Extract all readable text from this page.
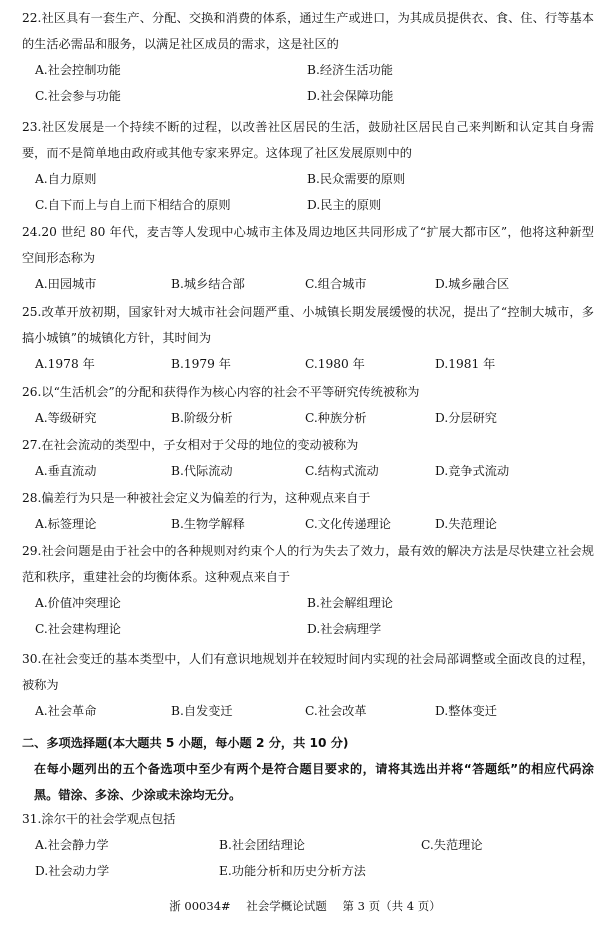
22.社区具有一套生产、分配、交换和消费的体系，通过生产或进口，为其成员提供衣、食、住、行等基本的生活必需品和服务，以满足社区成员的需求，这是社区的
A.社会控制功能	B.经济生活功能
C.社会参与功能	D.社会保障功能
23.社区发展是一个持续不断的过程，以改善社区居民的生活，鼓励社区居民自己来判断和认定其自身需要，而不是简单地由政府或其他专家来界定。这体现了社区发展原则中的
A.自力原则	B.民众需要的原则
C.自下而上与自上而下相结合的原则	D.民主的原则
24.20 世纪 80 年代，麦吉等人发现中心城市主体及周边地区共同形成了“扩展大都市区”，他将这种新型空间形态称为
A.田园城市	B.城乡结合部	C.组合城市	D.城乡融合区
25.改革开放初期，国家针对大城市社会问题严重、小城镇长期发展缓慢的状况，提出了“控制大城市，多搞小城镇”的城镇化方针，其时间为
A.1978 年	B.1979 年	C.1980 年	D.1981 年
26.以“生活机会”的分配和获得作为核心内容的社会不平等研究传统被称为
A.等级研究	B.阶级分析	C.种族分析	D.分层研究
27.在社会流动的类型中，子女相对于父母的地位的变动被称为
A.垂直流动	B.代际流动	C.结构式流动	D.竞争式流动
28.偏差行为只是一种被社会定义为偏差的行为，这种观点来自于
A.标签理论	B.生物学解释	C.文化传递理论	D.失范理论
29.社会问题是由于社会中的各种规则对约束个人的行为失去了效力，最有效的解决方法是尽快建立社会规范和秩序，重建社会的均衡体系。这种观点来自于
A.价值冲突理论	B.社会解组理论
C.社会建构理论	D.社会病理学
30.在社会变迁的基本类型中，人们有意识地规划并在较短时间内实现的社会局部调整或全面改良的过程，被称为
A.社会革命	B.自发变迁	C.社会改革	D.整体变迁
二、多项选择题(本大题共 5 小题，每小题 2 分，共 10 分)
在每小题列出的五个备选项中至少有两个是符合题目要求的，请将其选出并将“答题纸”的相应代码涂黑。错涂、多涂、少涂或未涂均无分。
31.涂尔干的社会学观点包括
A.社会静力学	B.社会团结理论	C.失范理论
D.社会动力学	E.功能分析和历史分析方法
浙 00034# 社会学概论试题 第 3 页（共 4 页）
